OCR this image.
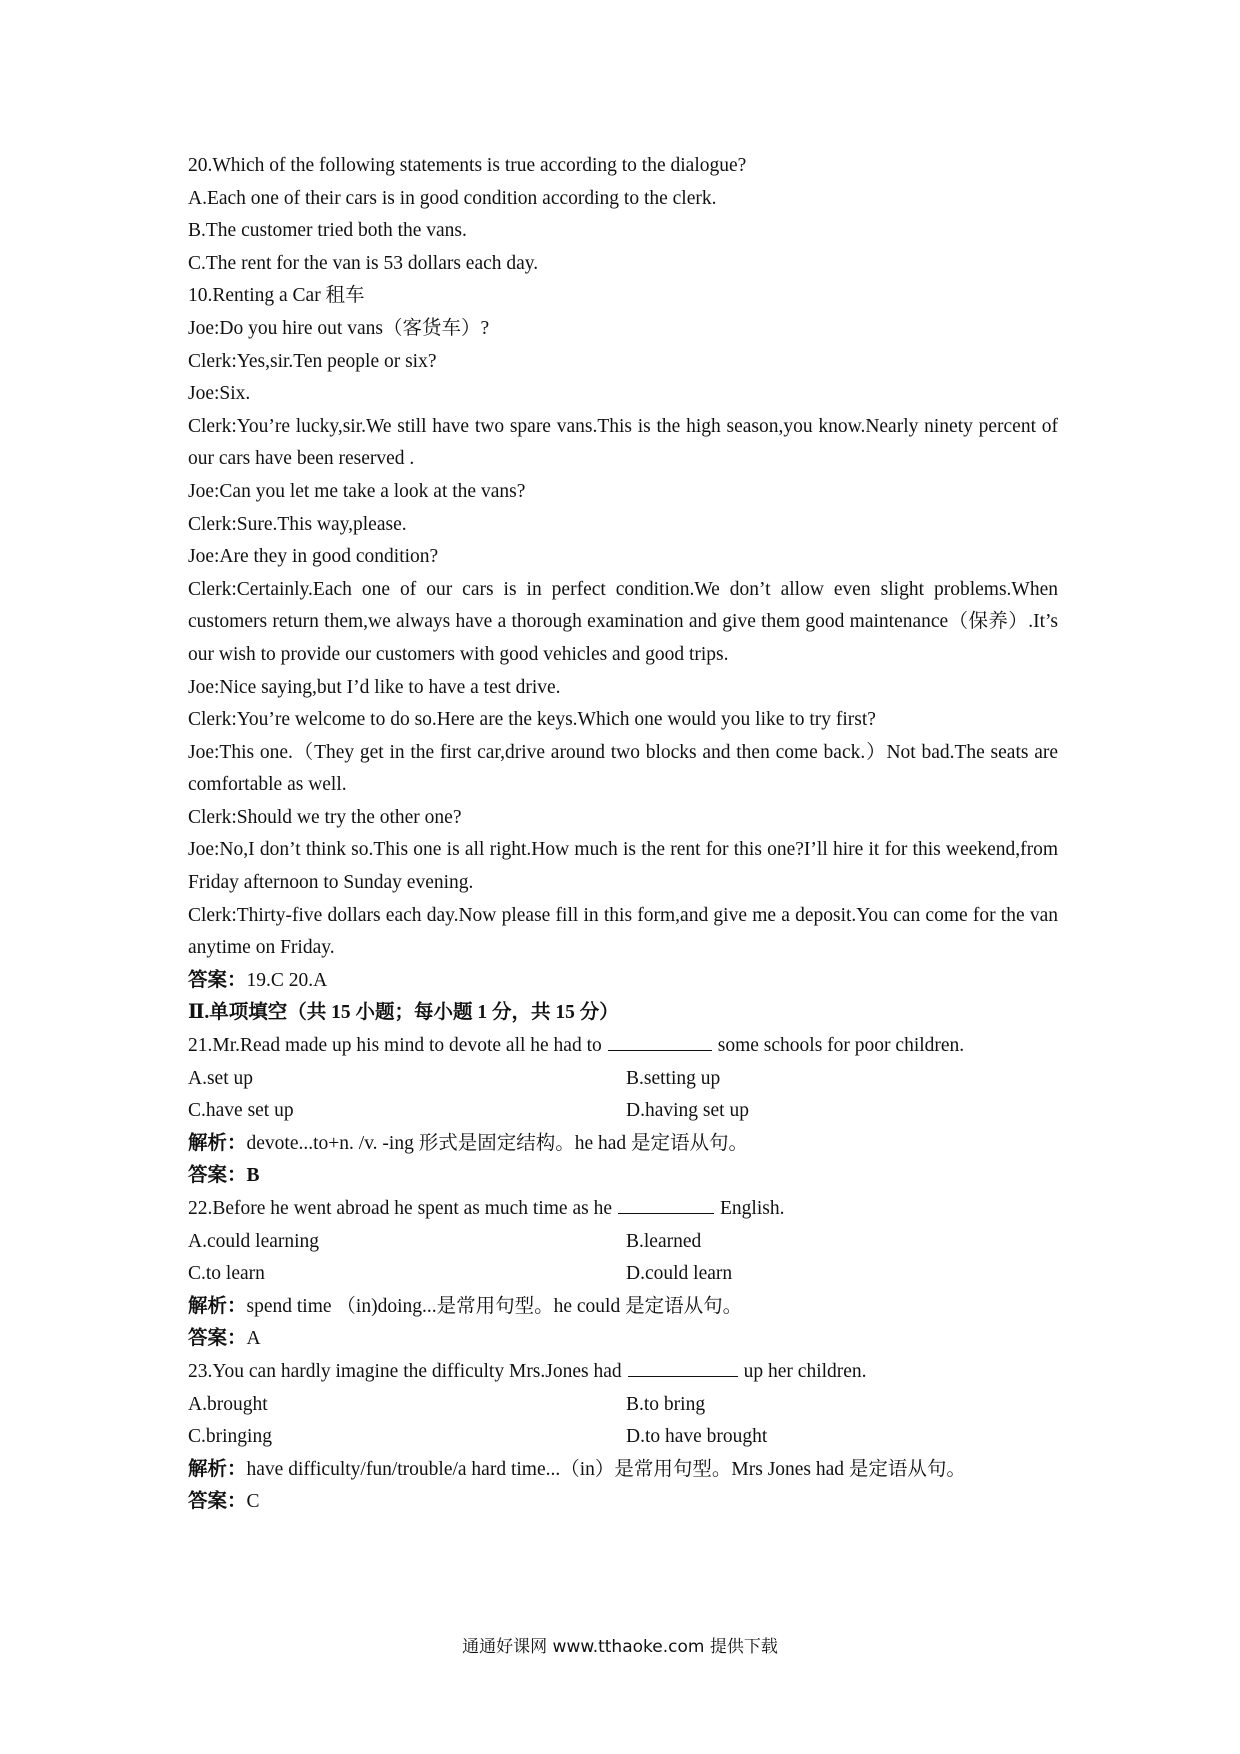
20.Which of the following statements is true according to the dialogue?
A.Each one of their cars is in good condition according to the clerk.
B.The customer tried both the vans.
C.The rent for the van is 53 dollars each day.
10.Renting a Car 租车
Joe:Do you hire out vans（客货车）?
Clerk:Yes,sir.Ten people or six?
Joe:Six.
Clerk:You’re lucky,sir.We still have two spare vans.This is the high season,you know.Nearly ninety percent of our cars have been reserved .
Joe:Can you let me take a look at the vans?
Clerk:Sure.This way,please.
Joe:Are they in good condition?
Clerk:Certainly.Each one of our cars is in perfect condition.We don’t allow even slight problems.When customers return them,we always have a thorough examination and give them good maintenance（保养）.It’s our wish to provide our customers with good vehicles and good trips.
Joe:Nice saying,but I’d like to have a test drive.
Clerk:You’re welcome to do so.Here are the keys.Which one would you like to try first?
Joe:This one.（They get in the first car,drive around two blocks and then come back.）Not bad.The seats are comfortable as well.
Clerk:Should we try the other one?
Joe:No,I don’t think so.This one is all right.How much is the rent for this one?I’ll hire it for this weekend,from Friday afternoon to Sunday evening.
Clerk:Thirty-five dollars each day.Now please fill in this form,and give me a deposit.You can come for the van anytime on Friday.
答案：19.C 20.A
Ⅱ.单项填空（共 15 小题；每小题 1 分，共 15 分）
21.Mr.Read made up his mind to devote all he had to	some schools for poor children.
A.set up	B.setting up
C.have set up	D.having set up
解析：devote...to+n. /v. -ing 形式是固定结构。he had 是定语从句。
答案：B
22.Before he went abroad he spent as much time as he	English.
A.could learning	B.learned
C.to learn	D.could learn
解析：spend time （in)doing...是常用句型。he could 是定语从句。
答案：A
23.You can hardly imagine the difficulty Mrs.Jones had	up her children.
A.brought	B.to bring
C.bringing	D.to have brought
解析：have difficulty/fun/trouble/a hard time...（in）是常用句型。Mrs Jones had 是定语从句。
答案：C
通通好课网 www.tthaoke.com 提供下载
